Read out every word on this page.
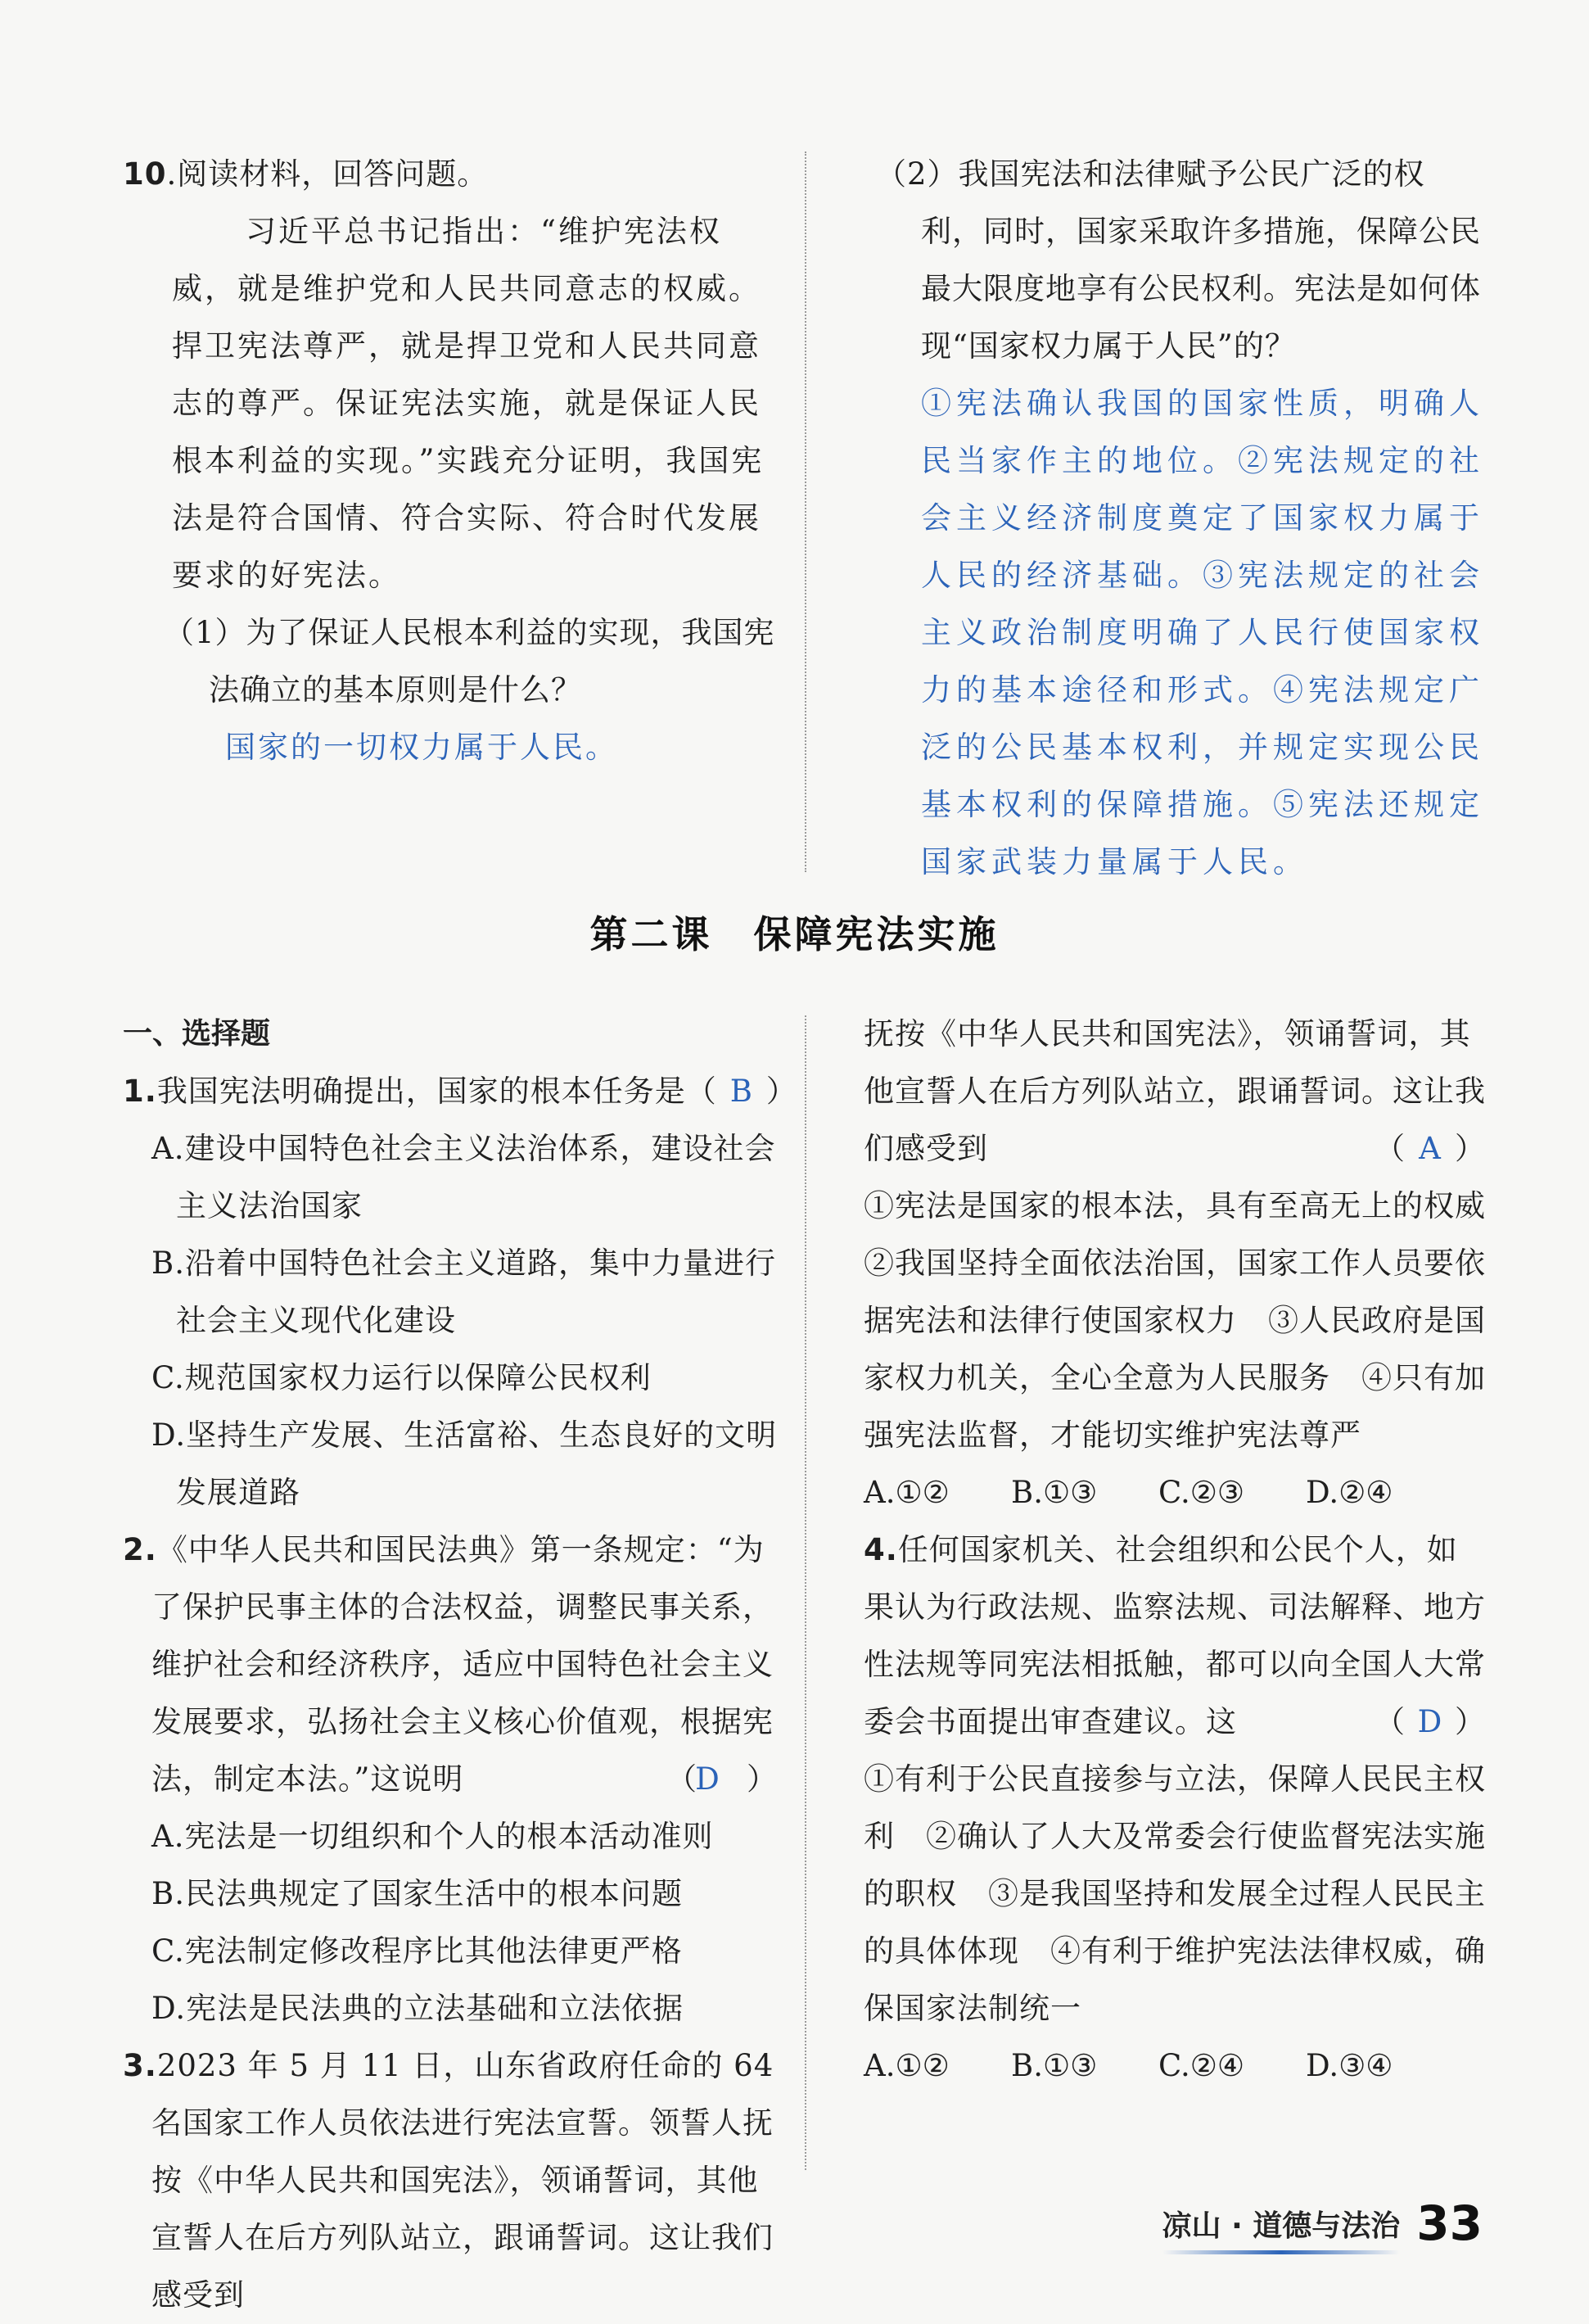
10.阅读材料，回答问题。
习近平总书记指出：“维护宪法权威，就是维护党和人民共同意志的权威。捍卫宪法尊严，就是捍卫党和人民共同意志的尊严。保证宪法实施，就是保证人民根本利益的实现。”实践充分证明，我国宪法是符合国情、符合实际、符合时代发展要求的好宪法。
（1）为了保证人民根本利益的实现，我国宪法确立的基本原则是什么？
国家的一切权力属于人民。
（2）我国宪法和法律赋予公民广泛的权利，同时，国家采取许多措施，保障公民最大限度地享有公民权利。宪法是如何体现“国家权力属于人民”的？
①宪法确认我国的国家性质，明确人民当家作主的地位。②宪法规定的社会主义经济制度奠定了国家权力属于人民的经济基础。③宪法规定的社会主义政治制度明确了人民行使国家权力的基本途径和形式。④宪法规定广泛的公民基本权利，并规定实现公民基本权利的保障措施。⑤宪法还规定国家武装力量属于人民。
第二课　保障宪法实施
一、选择题
1.我国宪法明确提出，国家的根本任务是（ B ）
A.建设中国特色社会主义法治体系，建设社会主义法治国家
B.沿着中国特色社会主义道路，集中力量进行社会主义现代化建设
C.规范国家权力运行以保障公民权利
D.坚持生产发展、生活富裕、生态良好的文明发展道路
2.《中华人民共和国民法典》第一条规定：“为了保护民事主体的合法权益，调整民事关系，维护社会和经济秩序，适应中国特色社会主义发展要求，弘扬社会主义核心价值观，根据宪法，制定本法。”这说明	（D ）
A.宪法是一切组织和个人的根本活动准则
B.民法典规定了国家生活中的根本问题
C.宪法制定修改程序比其他法律更严格
D.宪法是民法典的立法基础和立法依据
3.2023 年 5 月 11 日，山东省政府任命的 64 名国家工作人员依法进行宪法宣誓。领誓人抚按《中华人民共和国宪法》，领诵誓词，其他宣誓人在后方列队站立，跟诵誓词。这让我们感受到
抚按《中华人民共和国宪法》，领诵誓词，其他宣誓人在后方列队站立，跟诵誓词。这让我们感受到	（ A ）
①宪法是国家的根本法，具有至高无上的权威　②我国坚持全面依法治国，国家工作人员要依据宪法和法律行使国家权力　③人民政府是国家权力机关，全心全意为人民服务　④只有加强宪法监督，才能切实维护宪法尊严
A.①② B.①③ C.②③ D.②④
4.任何国家机关、社会组织和公民个人，如果认为行政法规、监察法规、司法解释、地方性法规等同宪法相抵触，都可以向全国人大常委会书面提出审查建议。这	（ D ）
①有利于公民直接参与立法，保障人民民主权利　②确认了人大及常委会行使监督宪法实施的职权　③是我国坚持和发展全过程人民民主的具体体现　④有利于维护宪法法律权威，确保国家法制统一
A.①② B.①③ C.②④ D.③④
凉山 · 道德与法治 33
